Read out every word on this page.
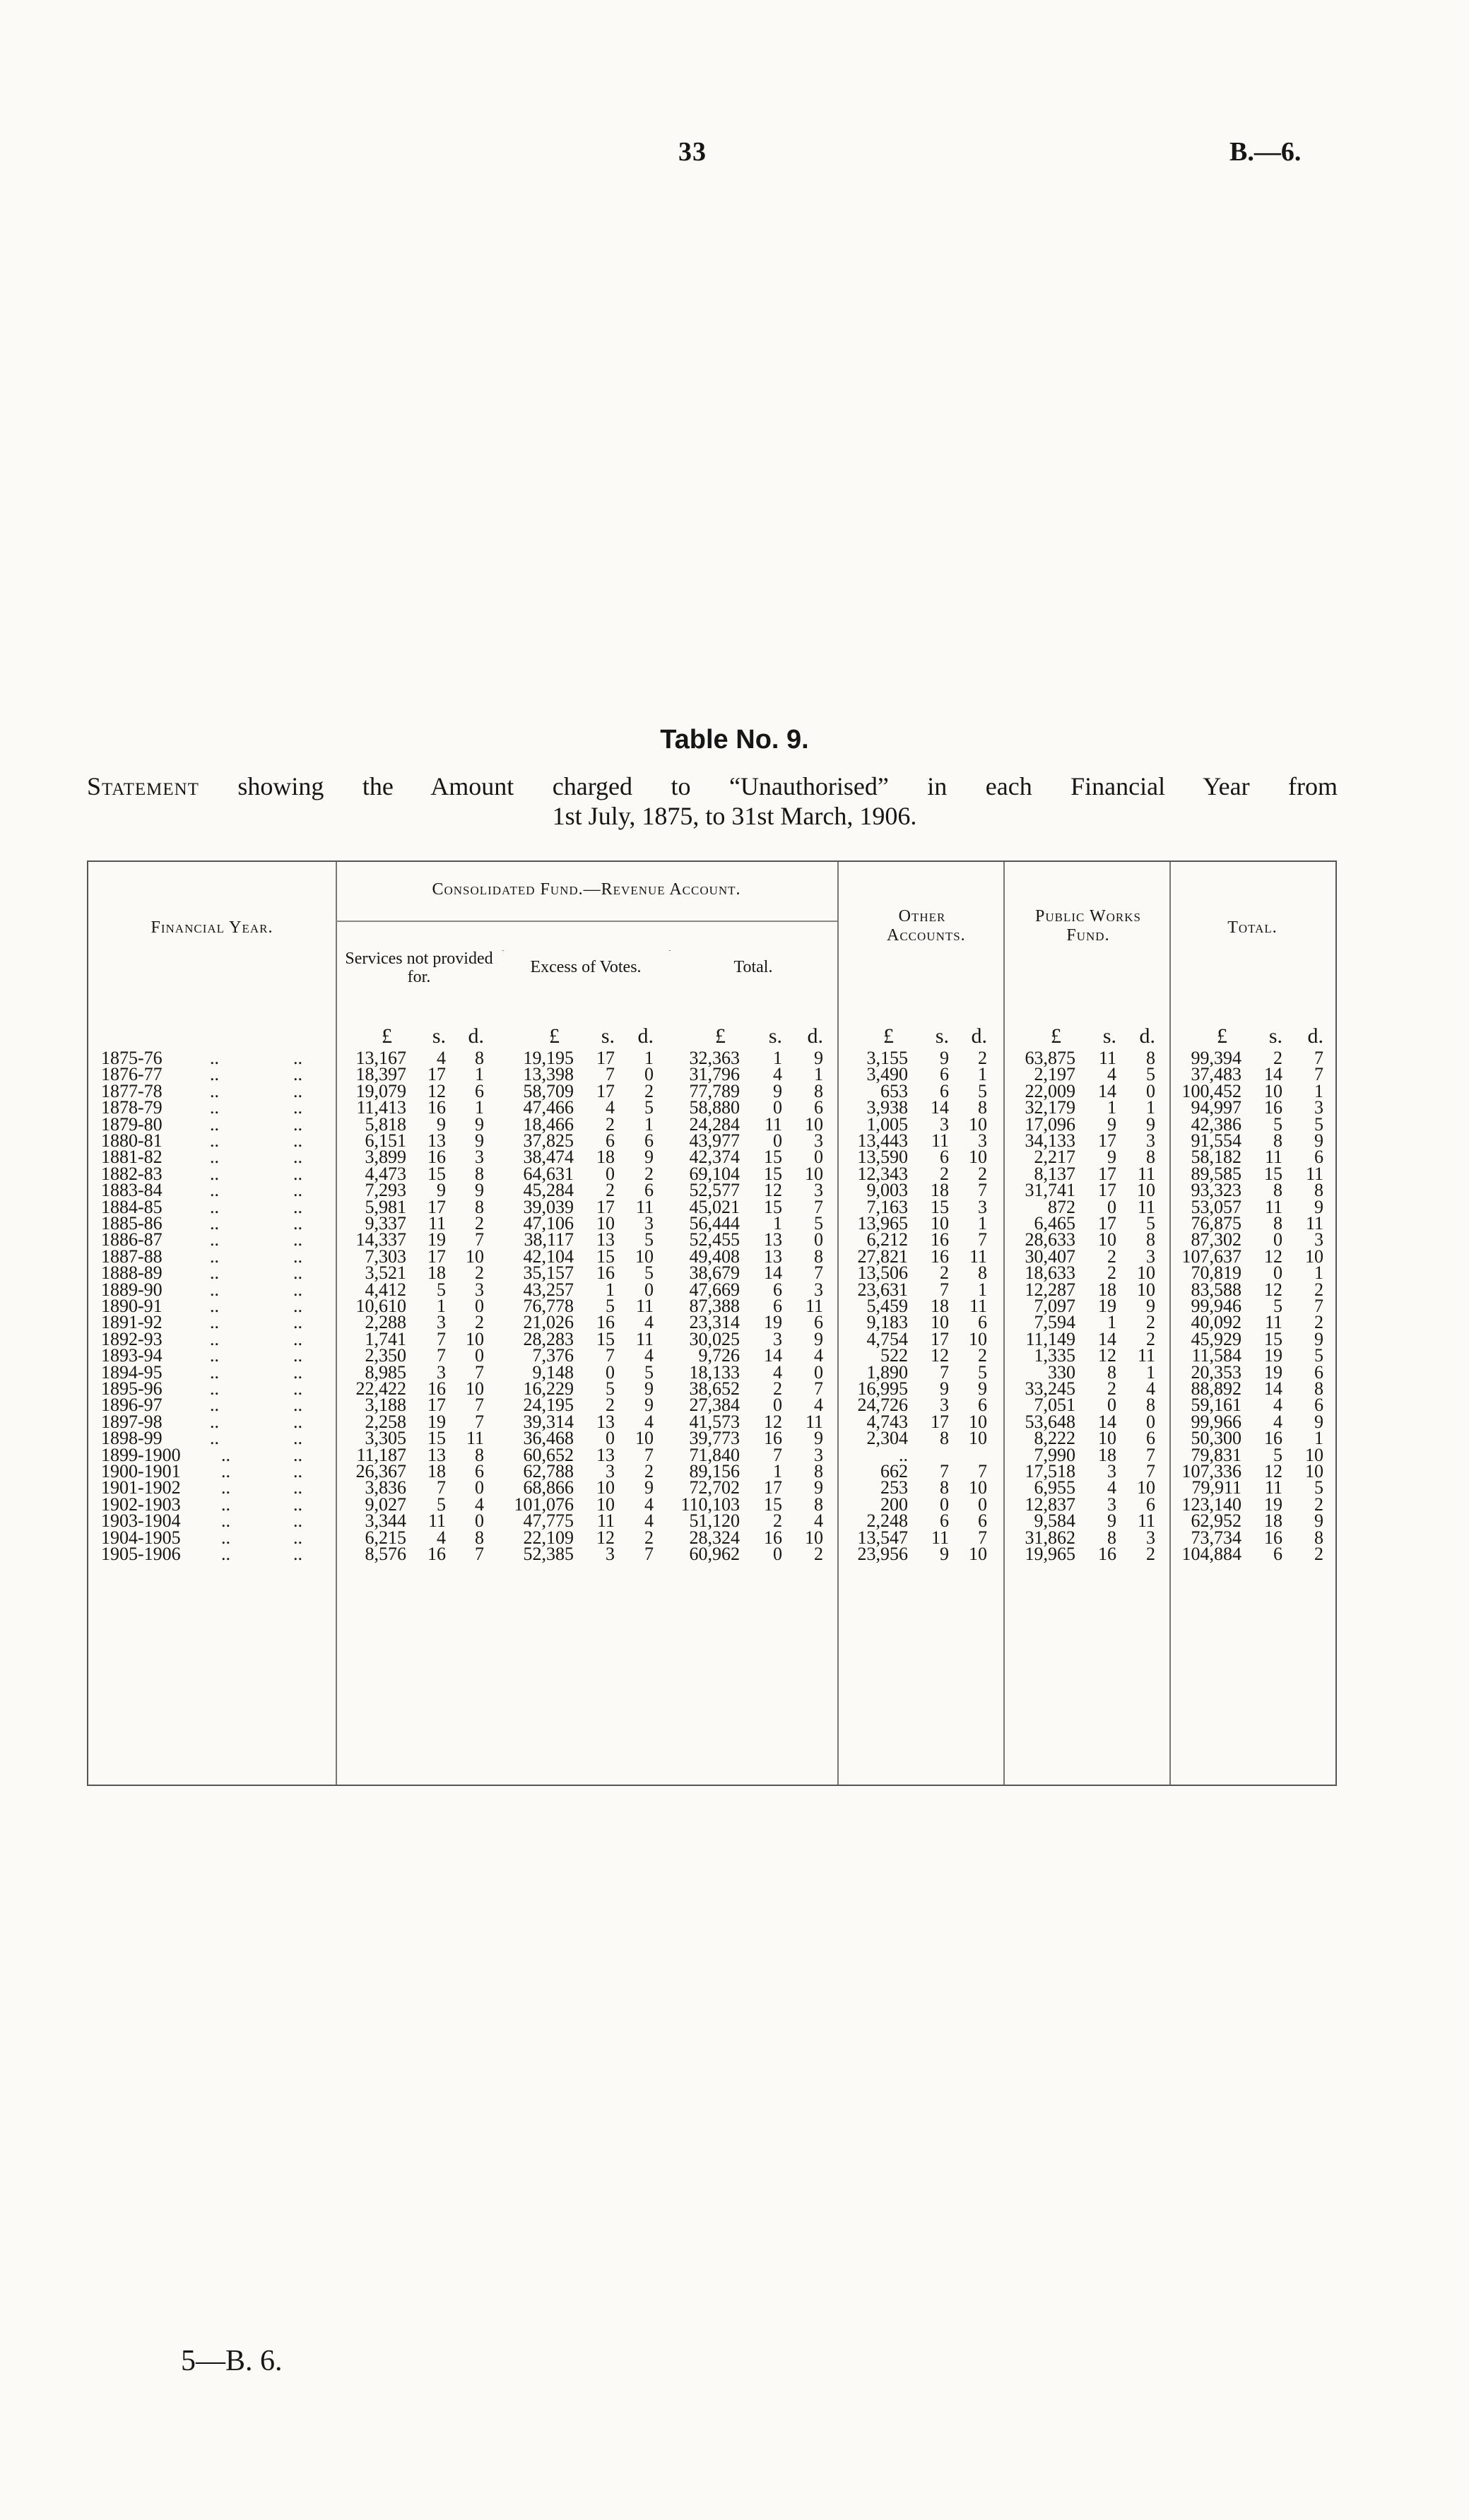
33	B.—6.
Table No. 9.
Statement showing the Amount charged to “Unauthorised” in each Financial Year from
1st July, 1875, to 31st March, 1906.
Financial Year.
Consolidated Fund.—Revenue Account.
Services not provided for.
Excess of Votes.	Total.
Other Accounts.
Public Works Fund.	Total.
£	s. d.	£	s. d.	£	s. d.	£	s. d.	£	s. d.	£	s. d.
1875-76	..	..	13,167	4	8	19,195	17	1	32,363	1	9	3,155	9	2	63,875	11	8	99,394	2	7
1876-77	..	..	18,397	17	1	13,398	7	0	31,796	4	1	3,490	6	1	2,197	4	5	37,483	14	7
1877-78	..	..	19,079	12	6	58,709	17	2	77,789	9	8	653	6	5	22,009	14	0	100,452	10	1
1878-79	..	..	11,413	16	1	47,466	4	5	58,880	0	6	3,938	14	8	32,179	1	1	94,997	16	3
1879-80	..	..	5,818	9	9	18,466	2	1	24,284	11	10	1,005	3	10	17,096	9	9	42,386	5	5
1880-81	..	..	6,151	13	9	37,825	6	6	43,977	0	3	13,443	11	3	34,133	17	3	91,554	8	9
1881-82	..	..	3,899	16	3	38,474	18	9	42,374	15	0	13,590	6	10	2,217	9	8	58,182	11	6
1882-83	..	..	4,473	15	8	64,631	0	2	69,104	15	10	12,343	2	2	8,137	17	11	89,585	15	11
1883-84	..	..	7,293	9	9	45,284	2	6	52,577	12	3	9,003	18	7	31,741	17	10	93,323	8	8
1884-85	..	..	5,981	17	8	39,039	17	11	45,021	15	7	7,163	15	3	872	0	11	53,057	11	9
1885-86	..	..	9,337	11	2	47,106	10	3	56,444	1	5	13,965	10	1	6,465	17	5	76,875	8	11
1886-87	..	..	14,337	19	7	38,117	13	5	52,455	13	0	6,212	16	7	28,633	10	8	87,302	0	3
1887-88	..	..	7,303	17	10	42,104	15	10	49,408	13	8	27,821	16	11	30,407	2	3	107,637	12	10
1888-89	..	..	3,521	18	2	35,157	16	5	38,679	14	7	13,506	2	8	18,633	2	10	70,819	0	1
1889-90	..	..	4,412	5	3	43,257	1	0	47,669	6	3	23,631	7	1	12,287	18	10	83,588	12	2
1890-91	..	..	10,610	1	0	76,778	5	11	87,388	6	11	5,459	18	11	7,097	19	9	99,946	5	7
1891-92	..	..	2,288	3	2	21,026	16	4	23,314	19	6	9,183	10	6	7,594	1	2	40,092	11	2
1892-93	..	..	1,741	7	10	28,283	15	11	30,025	3	9	4,754	17	10	11,149	14	2	45,929	15	9
1893-94	..	..	2,350	7	0	7,376	7	4	9,726	14	4	522	12	2	1,335	12	11	11,584	19	5
1894-95	..	..	8,985	3	7	9,148	0	5	18,133	4	0	1,890	7	5	330	8	1	20,353	19	6
1895-96	..	..	22,422	16	10	16,229	5	9	38,652	2	7	16,995	9	9	33,245	2	4	88,892	14	8
1896-97	..	..	3,188	17	7	24,195	2	9	27,384	0	4	24,726	3	6	7,051	0	8	59,161	4	6
1897-98	..	..	2,258	19	7	39,314	13	4	41,573	12	11	4,743	17	10	53,648	14	0	99,966	4	9
1898-99	..	..	3,305	15	11	36,468	0	10	39,773	16	9	2,304	8	10	8,222	10	6	50,300	16	1
1899-1900 ..	..	11,187	13	8	60,652	13	7	71,840	7	3	..	7,990	18	7	79,831	5	10
1900-1901 ..	..	26,367	18	6	62,788	3	2	89,156	1	8	662	7	7	17,518	3	7	107,336	12	10
1901-1902 ..	..	3,836	7	0	68,866	10	9	72,702	17	9	253	8	10	6,955	4	10	79,911	11	5
1902-1903 ..	..	9,027	5	4	101,076	10	4	110,103	15	8	200	0	0	12,837	3	6	123,140	19	2
1903-1904 ..	..	3,344	11	0	47,775	11	4	51,120	2	4	2,248	6	6	9,584	9	11	62,952	18	9
1904-1905 ..	..	6,215	4	8	22,109	12	2	28,324	16	10	13,547	11	7	31,862	8	3	73,734	16	8
1905-1906 ..	..	8,576	16	7	52,385	3	7	60,962	0	2	23,956	9	10	19,965	16	2	104,884	6	2
5—B. 6.
